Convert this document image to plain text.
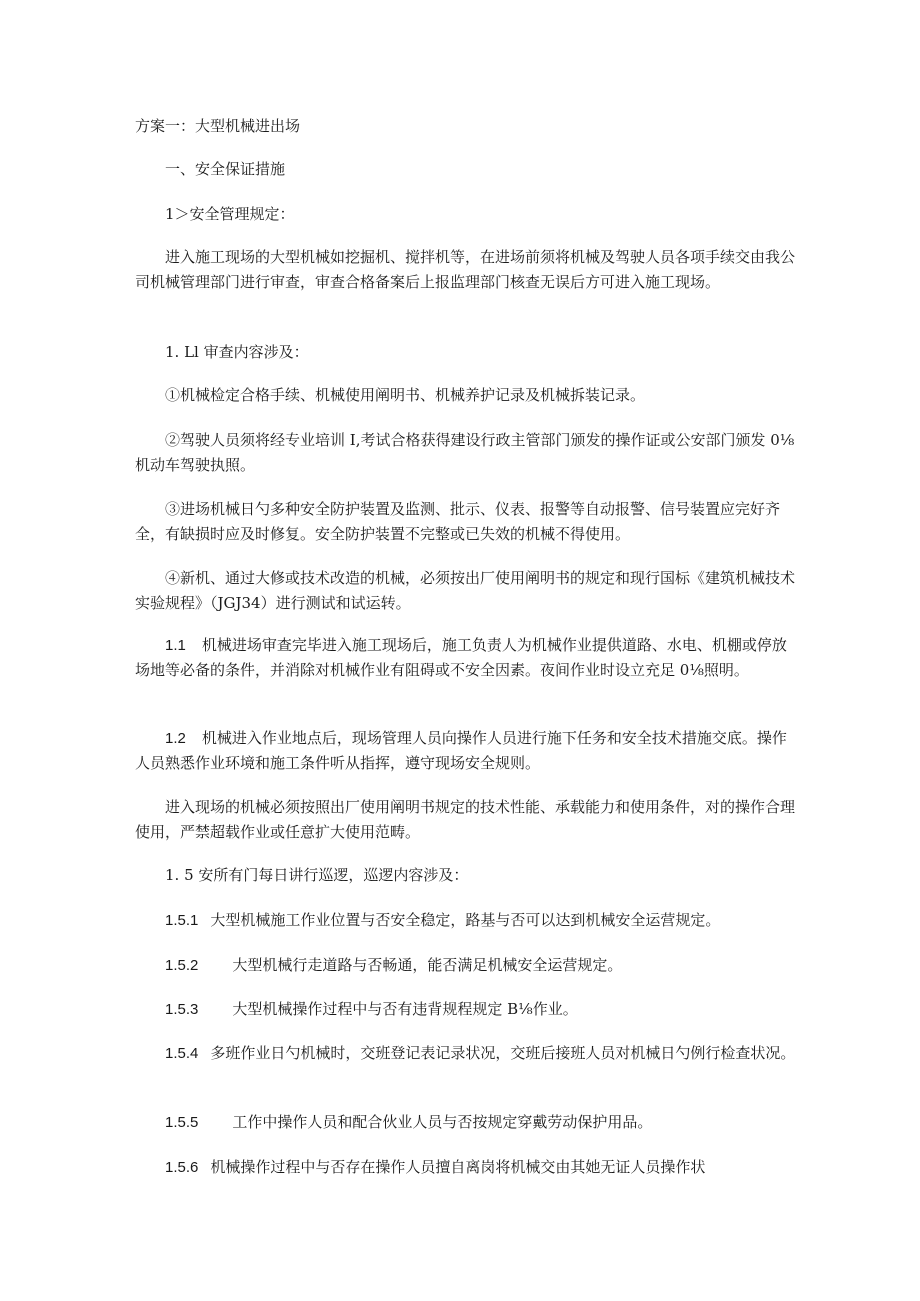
方案一：大型机械进出场

一、安全保证措施

1＞安全管理规定：

进入施工现场的大型机械如挖掘机、搅拌机等，在进场前须将机械及驾驶人员各项手续交由我公司机械管理部门进行审查，审查合格备案后上报监理部门核查无误后方可进入施工现场。

1. Ll 审查内容涉及：

①机械检定合格手续、机械使用阐明书、机械养护记录及机械拆装记录。

②驾驶人员须将经专业培训 I,考试合格获得建设行政主管部门颁发的操作证或公安部门颁发 0⅛机动车驾驶执照。

③进场机械日勺多种安全防护装置及监测、批示、仪表、报警等自动报警、信号装置应完好齐全，有缺损时应及时修复。安全防护装置不完整或已失效的机械不得使用。

④新机、通过大修或技术改造的机械，必须按出厂使用阐明书的规定和现行国标《建筑机械技术实验规程》（JGJ34）进行测试和试运转。

1.1 机械进场审查完毕进入施工现场后，施工负责人为机械作业提供道路、水电、机棚或停放场地等必备的条件，并消除对机械作业有阻碍或不安全因素。夜间作业时设立充足 0⅛照明。

1.2 机械进入作业地点后，现场管理人员向操作人员进行施下任务和安全技术措施交底。操作人员熟悉作业环境和施工条件听从指挥，遵守现场安全规则。

进入现场的机械必须按照出厂使用阐明书规定的技术性能、承载能力和使用条件，对的操作合理使用，严禁超载作业或任意扩大使用范畴。

1. 5 安所有门每日讲行巡逻，巡逻内容涉及：

1.5.1 大型机械施工作业位置与否安全稳定，路基与否可以达到机械安全运营规定。

1.5.2 大型机械行走道路与否畅通，能否满足机械安全运营规定。

1.5.3 大型机械操作过程中与否有违背规程规定 B⅛作业。

1.5.4 多班作业日勺机械时，交班登记表记录状况，交班后接班人员对机械日勺例行检查状况。

1.5.5 工作中操作人员和配合伙业人员与否按规定穿戴劳动保护用品。

1.5.6 机械操作过程中与否存在操作人员擅自离岗将机械交由其她无证人员操作状
